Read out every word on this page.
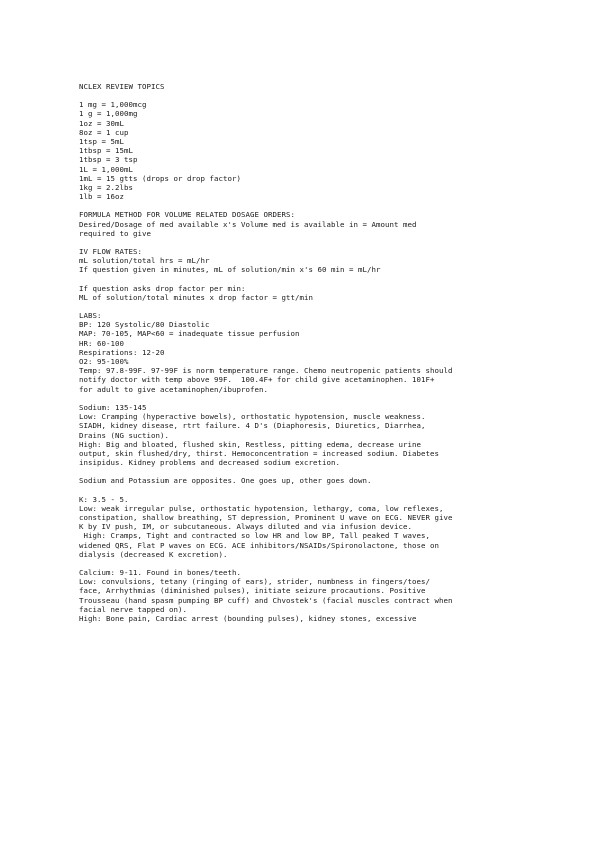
NCLEX REVIEW TOPICS
1 mg = 1,000mcg
1 g = 1,000mg
1oz = 30mL
8oz = 1 cup
1tsp = 5mL
1tbsp = 15mL
1tbsp = 3 tsp
1L = 1,000mL
1mL = 15 gtts (drops or drop factor)
1kg = 2.2lbs
1lb = 16oz
FORMULA METHOD FOR VOLUME RELATED DOSAGE ORDERS:
Desired/Dosage of med available x's Volume med is available in = Amount med
required to give
IV FLOW RATES:
mL solution/total hrs = mL/hr
If question given in minutes, mL of solution/min x's 60 min = mL/hr
If question asks drop factor per min:
ML of solution/total minutes x drop factor = gtt/min
LABS:
BP: 120 Systolic/80 Diastolic
MAP: 70-105, MAP<60 = inadequate tissue perfusion
HR: 60-100
Respirations: 12-20
O2: 95-100%
Temp: 97.8-99F. 97-99F is norm temperature range. Chemo neutropenic patients should
notify doctor with temp above 99F.  100.4F+ for child give acetaminophen. 101F+
for adult to give acetaminophen/ibuprofen.
Sodium: 135-145
Low: Cramping (hyperactive bowels), orthostatic hypotension, muscle weakness.
SIADH, kidney disease, rtrt failure. 4 D's (Diaphoresis, Diuretics, Diarrhea,
Drains (NG suction).
High: Big and bloated, flushed skin, Restless, pitting edema, decrease urine
output, skin flushed/dry, thirst. Hemoconcentration = increased sodium. Diabetes
insipidus. Kidney problems and decreased sodium excretion.
Sodium and Potassium are opposites. One goes up, other goes down.
K: 3.5 - 5.
Low: weak irregular pulse, orthostatic hypotension, lethargy, coma, low reflexes,
constipation, shallow breathing, ST depression, Prominent U wave on ECG. NEVER give
K by IV push, IM, or subcutaneous. Always diluted and via infusion device.
High: Cramps, Tight and contracted so low HR and low BP, Tall peaked T waves,
widened QRS, Flat P waves on ECG. ACE inhibitors/NSAIDs/Spironolactone, those on
dialysis (decreased K excretion).
Calcium: 9-11. Found in bones/teeth.
Low: convulsions, tetany (ringing of ears), strider, numbness in fingers/toes/
face, Arrhythmias (diminished pulses), initiate seizure procautions. Positive
Trousseau (hand spasm pumping BP cuff) and Chvostek's (facial muscles contract when
facial nerve tapped on).
High: Bone pain, Cardiac arrest (bounding pulses), kidney stones, excessive
